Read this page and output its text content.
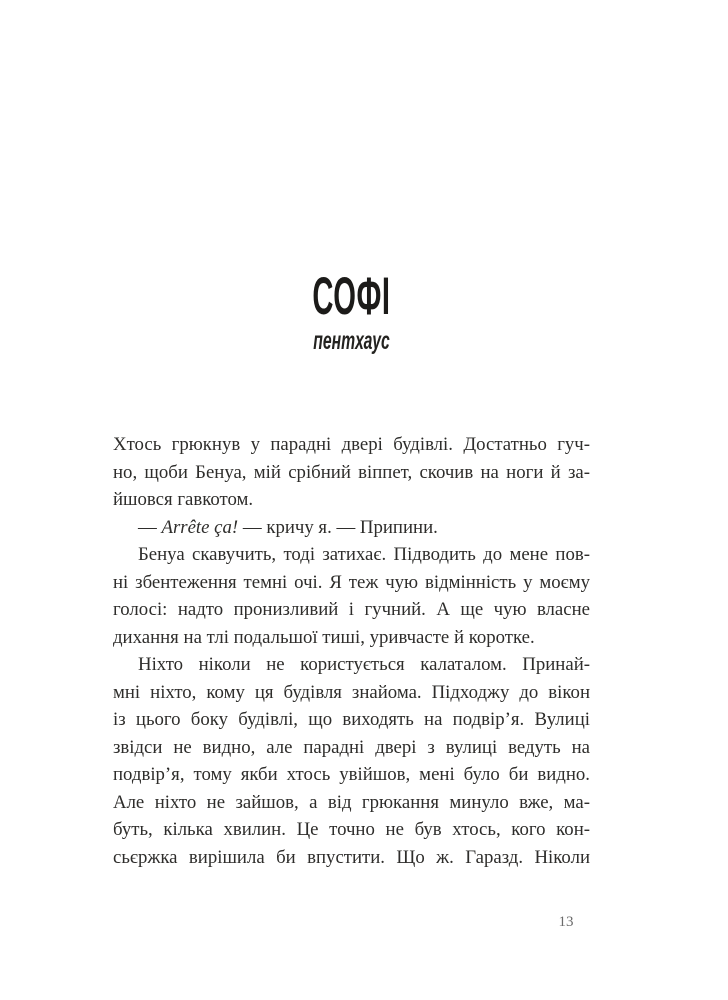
СОФІ
пентхаус
Хтось грюкнув у парадні двері будівлі. Достатньо гуч-
но, щоби Бенуа, мій срібний віппет, скочив на ноги й за-
йшовся гавкотом.
— Arrête ça! — кричу я. — Припини.
Бенуа скавучить, тоді затихає. Підводить до мене пов-
ні збентеження темні очі. Я теж чую відмінність у моєму
голосі: надто пронизливий і гучний. А ще чую власне
дихання на тлі подальшої тиші, уривчасте й коротке.
Ніхто ніколи не користується калаталом. Принай-
мні ніхто, кому ця будівля знайома. Підходжу до вікон
із цього боку будівлі, що виходять на подвір’я. Вулиці
звідси не видно, але парадні двері з вулиці ведуть на
подвір’я, тому якби хтось увійшов, мені було би видно.
Але ніхто не зайшов, а від грюкання минуло вже, ма-
буть, кілька хвилин. Це точно не був хтось, кого кон-
сьєржка вирішила би впустити. Що ж. Гаразд. Ніколи
13
